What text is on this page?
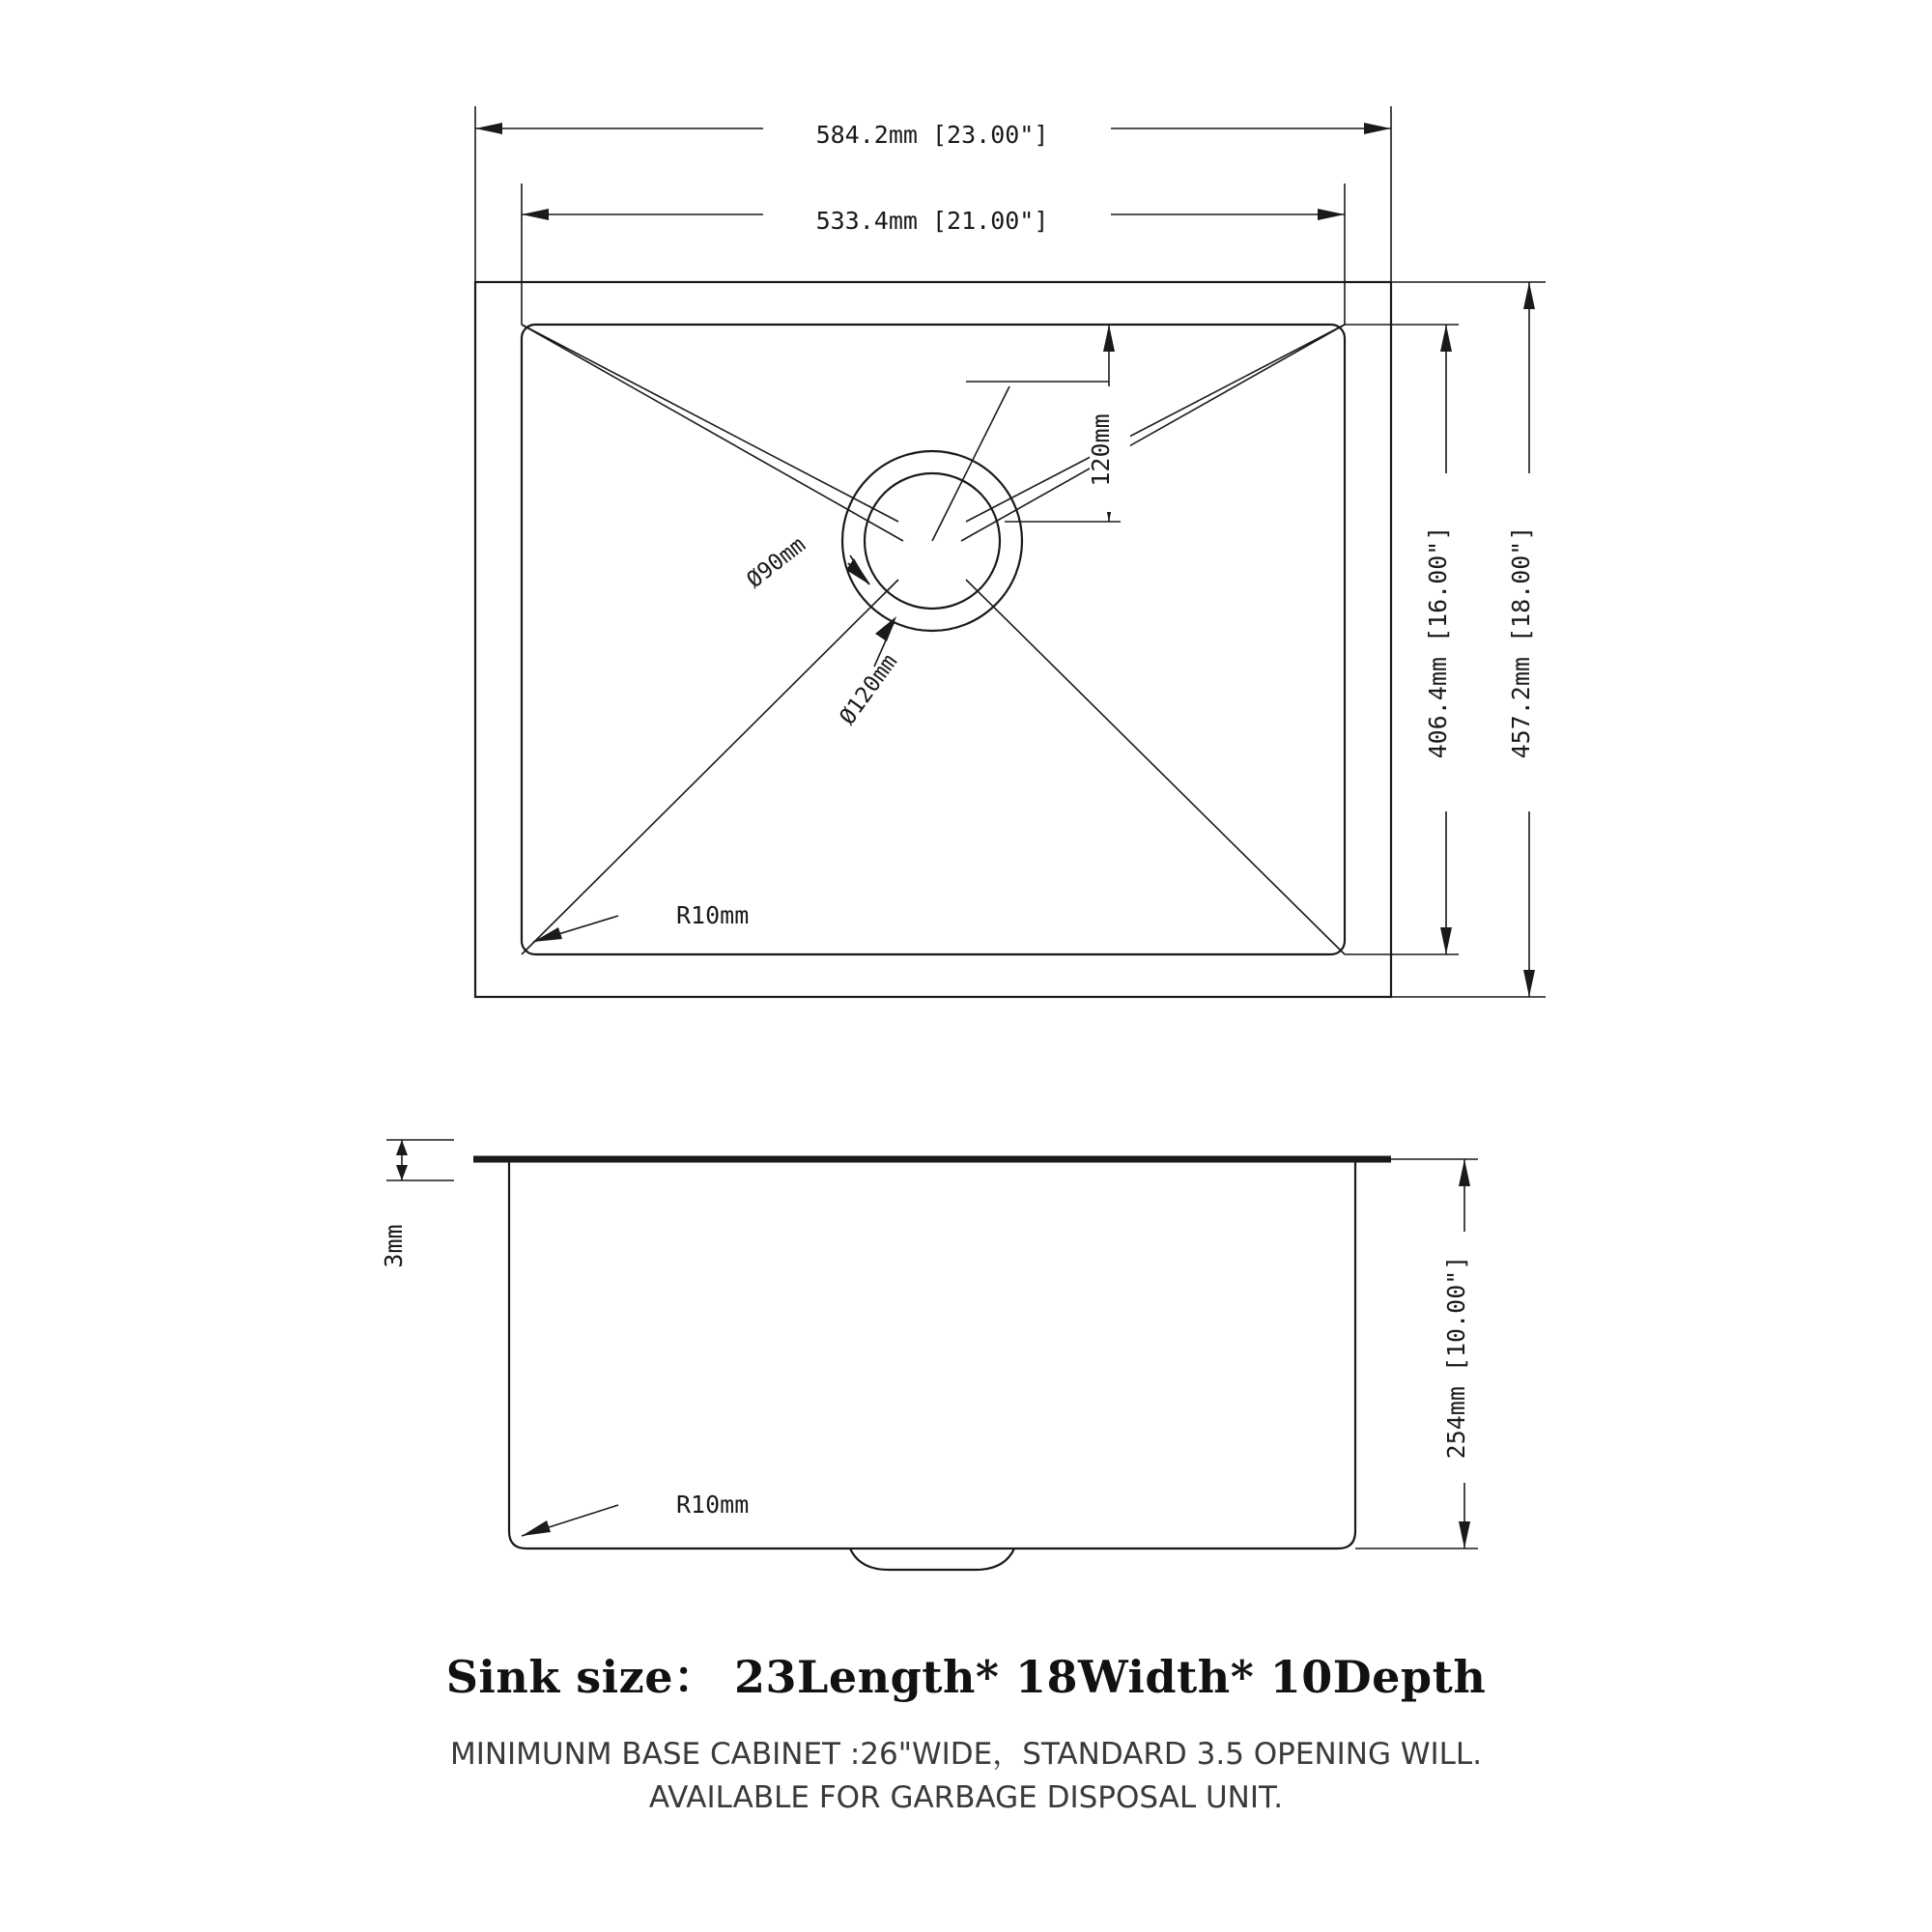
584.2mm [23.00"]
533.4mm [21.00"]
406.4mm [16.00"] 457.2mm [18.00"]
120mm
Ø90mm
Ø120mm
R10mm
3mm
254mm [10.00"]
R10mm
Sink size： 23Length* 18Width* 10Depth
MINIMUNM BASE CABINET :26"WIDE，STANDARD 3.5 OPENING WILL.
AVAILABLE FOR GARBAGE DISPOSAL UNIT.
